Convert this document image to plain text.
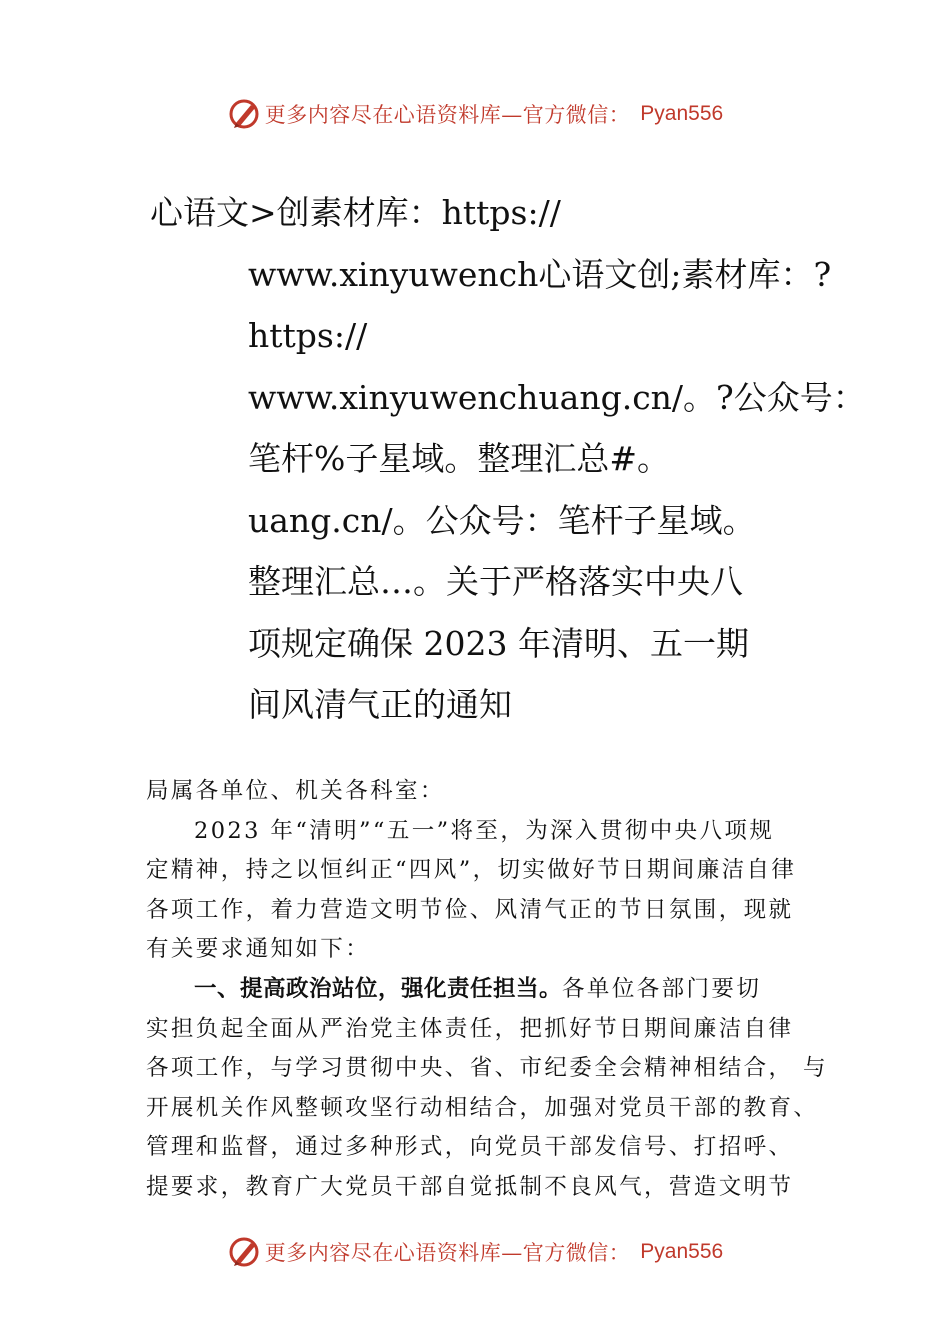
更多内容尽在心语资料库—官方微信： Pyan556
心语文>创素材库：https://
www.xinyuwench心语文创;素材库：?
https://
www.xinyuwenchuang.cn/。?公众号：
笔杆%子星域。整理汇总#。
uang.cn/。公众号：笔杆子星域。
整理汇总…。关于严格落实中央八
项规定确保 2023 年清明、五一期
间风清气正的通知
局属各单位、机关各科室：
2023 年“清明”“五一”将至，为深入贯彻中央八项规
定精神，持之以恒纠正“四风”，切实做好节日期间廉洁自律
各项工作，着力营造文明节俭、风清气正的节日氛围，现就
有关要求通知如下：
一、提高政治站位，强化责任担当。各单位各部门要切
实担负起全面从严治党主体责任，把抓好节日期间廉洁自律
各项工作，与学习贯彻中央、省、市纪委全会精神相结合， 与
开展机关作风整顿攻坚行动相结合，加强对党员干部的教育、
管理和监督，通过多种形式，向党员干部发信号、打招呼、
提要求，教育广大党员干部自觉抵制不良风气，营造文明节
更多内容尽在心语资料库—官方微信： Pyan556
